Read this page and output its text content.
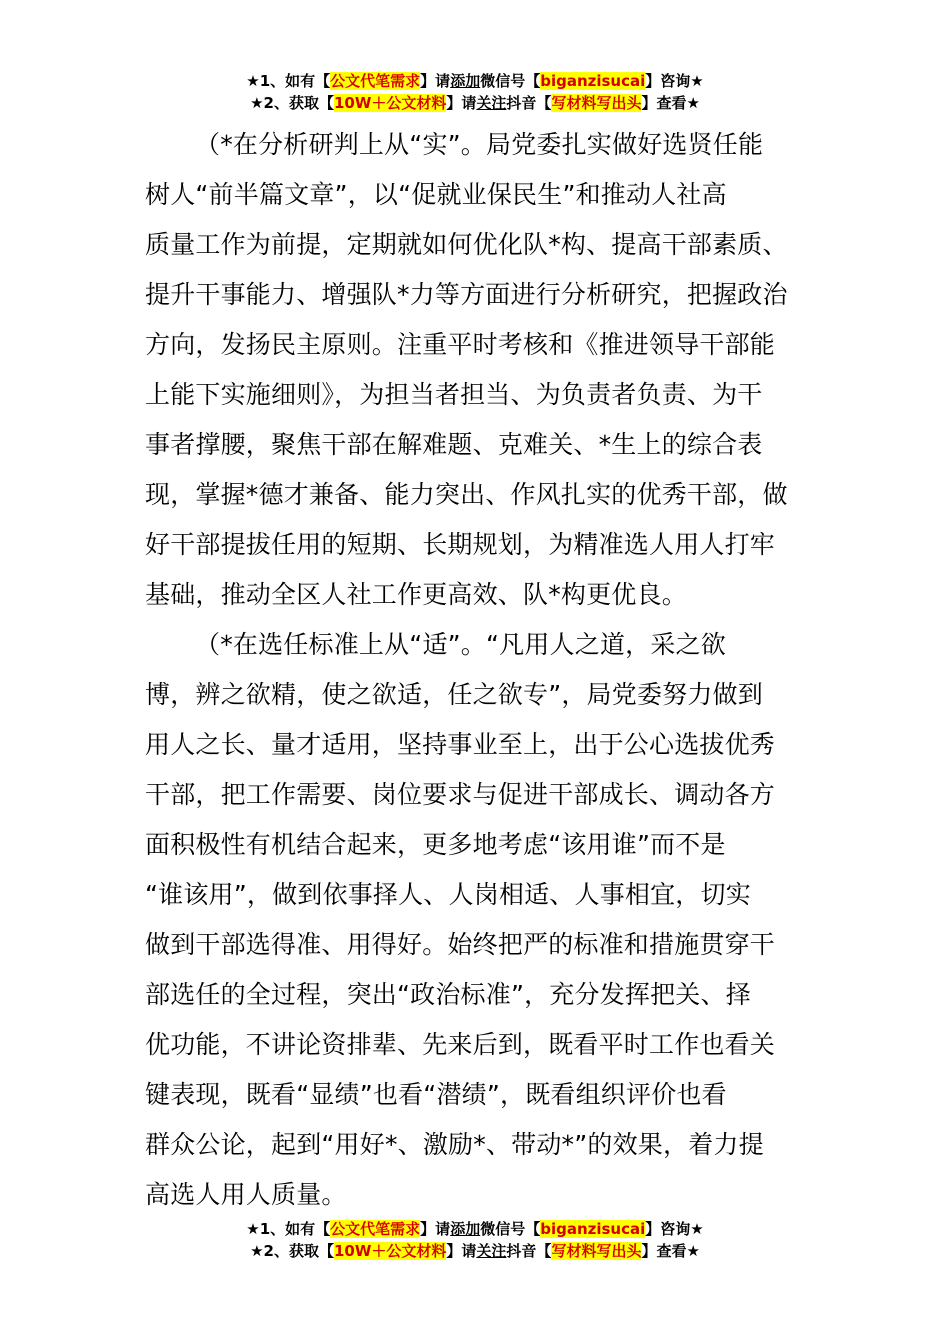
★1、如有【公文代笔需求】请添加微信号【biganzisucai】咨询★
★2、获取【10W＋公文材料】请关注抖音【写材料写出头】查看★
（*在分析研判上从“实”。局党委扎实做好选贤任能
树人“前半篇文章”，以“促就业保民生”和推动人社高
质量工作为前提，定期就如何优化队*构、提高干部素质、
提升干事能力、增强队*力等方面进行分析研究，把握政治
方向，发扬民主原则。注重平时考核和《推进领导干部能
上能下实施细则》，为担当者担当、为负责者负责、为干
事者撑腰，聚焦干部在解难题、克难关、*生上的综合表
现，掌握*德才兼备、能力突出、作风扎实的优秀干部，做
好干部提拔任用的短期、长期规划，为精准选人用人打牢
基础，推动全区人社工作更高效、队*构更优良。
（*在选任标准上从“适”。“凡用人之道，采之欲
博，辨之欲精，使之欲适，任之欲专”，局党委努力做到
用人之长、量才适用，坚持事业至上，出于公心选拔优秀
干部，把工作需要、岗位要求与促进干部成长、调动各方
面积极性有机结合起来，更多地考虑“该用谁”而不是
“谁该用”，做到依事择人、人岗相适、人事相宜，切实
做到干部选得准、用得好。始终把严的标准和措施贯穿干
部选任的全过程，突出“政治标准”，充分发挥把关、择
优功能，不讲论资排辈、先来后到，既看平时工作也看关
键表现，既看“显绩”也看“潜绩”，既看组织评价也看
群众公论，起到“用好*、激励*、带动*”的效果，着力提
高选人用人质量。
★1、如有【公文代笔需求】请添加微信号【biganzisucai】咨询★
★2、获取【10W＋公文材料】请关注抖音【写材料写出头】查看★
